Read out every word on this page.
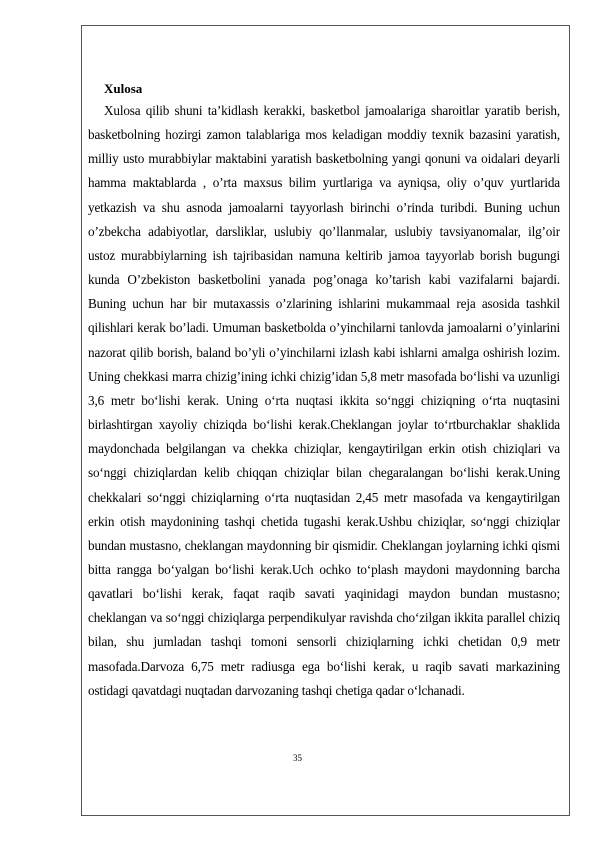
Xulosa

Xulosa qilib shuni ta’kidlash kerakki, basketbol jamoalariga sharoitlar yaratib berish, basketbolning hozirgi zamon talablariga mos keladigan moddiy texnik bazasini yaratish, milliy usto murabbiylar maktabini yaratish basketbolning yangi qonuni va oidalari deyarli hamma maktablarda , o’rta maxsus bilim yurtlariga va ayniqsa, oliy o’quv yurtlarida yetkazish va shu asnoda jamoalarni tayyorlash birinchi o’rinda turibdi. Buning uchun o’zbekcha adabiyotlar, darsliklar, uslubiy qo’llanmalar, uslubiy tavsiyanomalar, ilg’oir ustoz murabbiylarning ish tajribasidan namuna keltirib jamoa tayyorlab borish bugungi kunda O’zbekiston basketbolini yanada pog’onaga ko’tarish kabi vazifalarni bajardi. Buning uchun har bir mutaxassis o’zlarining ishlarini mukammaal reja asosida tashkil qilishlari kerak bo’ladi. Umuman basketbolda o’yinchilarni tanlovda jamoalarni o’yinlarini nazorat qilib borish, baland bo’yli o’yinchilarni izlash kabi ishlarni amalga oshirish lozim. Uning chekkasi marra chizig’ining ichki chizig’idan 5,8 metr masofada bo‘lishi va uzunligi 3,6 metr bo‘lishi kerak. Uning o‘rta nuqtasi ikkita so‘nggi chiziqning o‘rta nuqtasini birlashtirgan xayoliy chiziqda bo‘lishi kerak.Cheklangan joylar to‘rtburchaklar shaklida maydonchada belgilangan va chekka chiziqlar, kengaytirilgan erkin otish chiziqlari va so‘nggi chiziqlardan kelib chiqqan chiziqlar bilan chegaralangan bo‘lishi kerak.Uning chekkalari so‘nggi chiziqlarning o‘rta nuqtasidan 2,45 metr masofada va kengaytirilgan erkin otish maydonining tashqi chetida tugashi kerak.Ushbu chiziqlar, so‘nggi chiziqlar bundan mustasno, cheklangan maydonning bir qismidir. Cheklangan joylarning ichki qismi bitta rangga bo‘yalgan bo‘lishi kerak.Uch ochko to‘plash maydoni maydonning barcha qavatlari bo‘lishi kerak, faqat raqib savati yaqinidagi maydon bundan mustasno; cheklangan va so‘nggi chiziqlarga perpendikulyar ravishda cho‘zilgan ikkita parallel chiziq bilan, shu jumladan tashqi tomoni sensorli chiziqlarning ichki chetidan 0,9 metr masofada.Darvoza 6,75 metr radiusga ega bo‘lishi kerak, u raqib savati markazining ostidagi qavatdagi nuqtadan darvozaning tashqi chetiga qadar o‘lchanadi.

35
